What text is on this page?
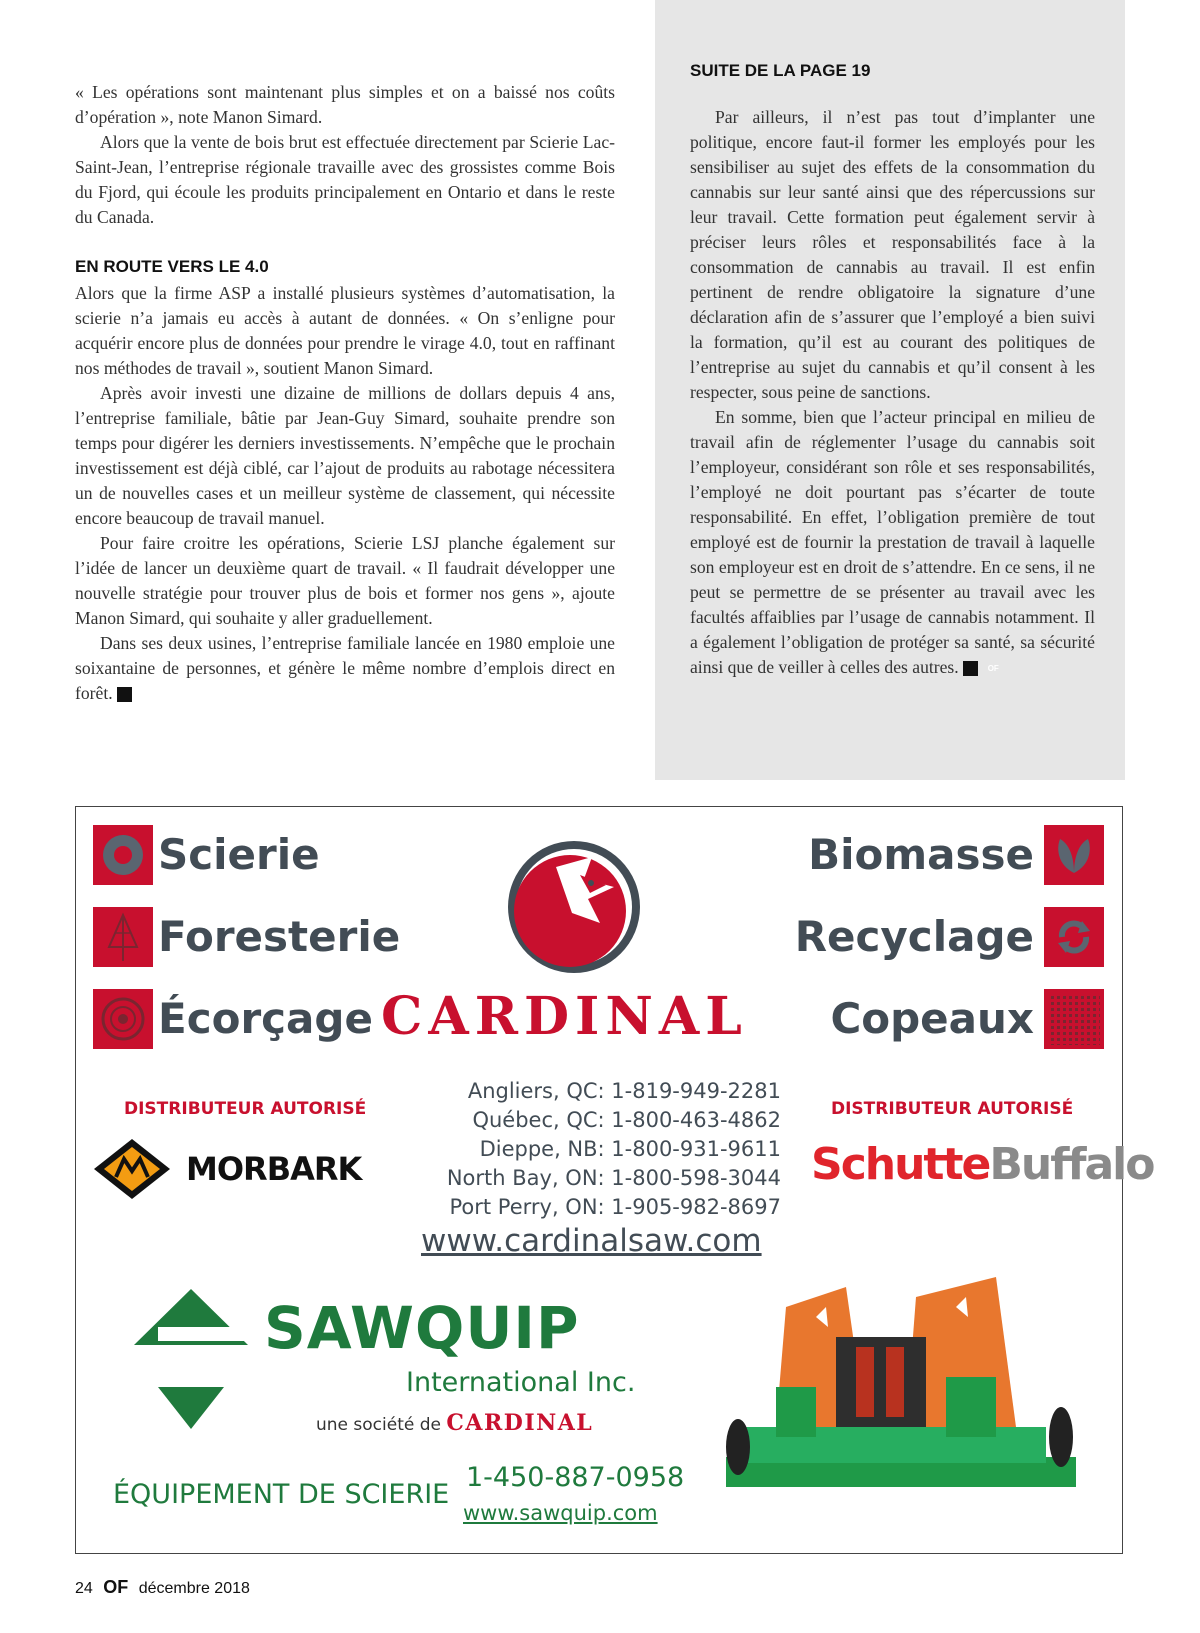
« Les opérations sont maintenant plus simples et on a baissé nos coûts d’opération », note Manon Simard.

Alors que la vente de bois brut est effectuée directement par Scierie Lac-Saint-Jean, l’entreprise régionale travaille avec des grossistes comme Bois du Fjord, qui écoule les produits principalement en Ontario et dans le reste du Canada.

EN ROUTE VERS LE 4.0

Alors que la firme ASP a installé plusieurs systèmes d’automatisation, la scierie n’a jamais eu accès à autant de données. « On s’enligne pour acquérir encore plus de données pour prendre le virage 4.0, tout en raffinant nos méthodes de travail », soutient Manon Simard.

Après avoir investi une dizaine de millions de dollars depuis 4 ans, l’entreprise familiale, bâtie par Jean-Guy Simard, souhaite prendre son temps pour digérer les derniers investissements. N’empêche que le prochain investissement est déjà ciblé, car l’ajout de produits au rabotage nécessitera un de nouvelles cases et un meilleur système de classement, qui nécessite encore beaucoup de travail manuel.

Pour faire croitre les opérations, Scierie LSJ planche également sur l’idée de lancer un deuxième quart de travail. « Il faudrait développer une nouvelle stratégie pour trouver plus de bois et former nos gens », ajoute Manon Simard, qui souhaite y aller graduellement.

Dans ses deux usines, l’entreprise familiale lancée en 1980 emploie une soixantaine de personnes, et génère le même nombre d’emplois direct en forêt.	OF

SUITE DE LA PAGE 19

Par ailleurs, il n’est pas tout d’implanter une politique, encore faut-il former les employés pour les sensibiliser au sujet des effets de la consommation du cannabis sur leur santé ainsi que des répercussions sur leur travail. Cette formation peut également servir à préciser leurs rôles et responsabilités face à la consommation de cannabis au travail. Il est enfin pertinent de rendre obligatoire la signature d’une déclaration afin de s’assurer que l’employé a bien suivi la formation, qu’il est au courant des politiques de l’entreprise au sujet du cannabis et qu’il consent à les respecter, sous peine de sanctions.

En somme, bien que l’acteur principal en milieu de travail afin de réglementer l’usage du cannabis soit l’employeur, considérant son rôle et ses responsabilités, l’employé ne doit pourtant pas s’écarter de toute responsabilité. En effet, l’obligation première de tout employé est de fournir la prestation de travail à laquelle son employeur est en droit de s’attendre. En ce sens, il ne peut se permettre de se présenter au travail avec les facultés affaiblies par l’usage de cannabis notamment. Il a également l’obligation de protéger sa santé, sa sécurité ainsi que de veiller à celles des autres.	OF

Scierie
Foresterie
Écorçage
Biomasse
Recyclage
Copeaux
CARDINAL
DISTRIBUTEUR AUTORISÉ
MORBARK
DISTRIBUTEUR AUTORISÉ
SchutteBuffalo
Angliers, QC: 1-819-949-2281
Québec, QC: 1-800-463-4862
Dieppe, NB: 1-800-931-9611
North Bay, ON: 1-800-598-3044
Port Perry, ON: 1-905-982-8697
www.cardinalsaw.com
SAWQUIP
International Inc.
une société de CARDINAL
ÉQUIPEMENT DE SCIERIE
1-450-887-0958
www.sawquip.com
24 OF décembre 2018
